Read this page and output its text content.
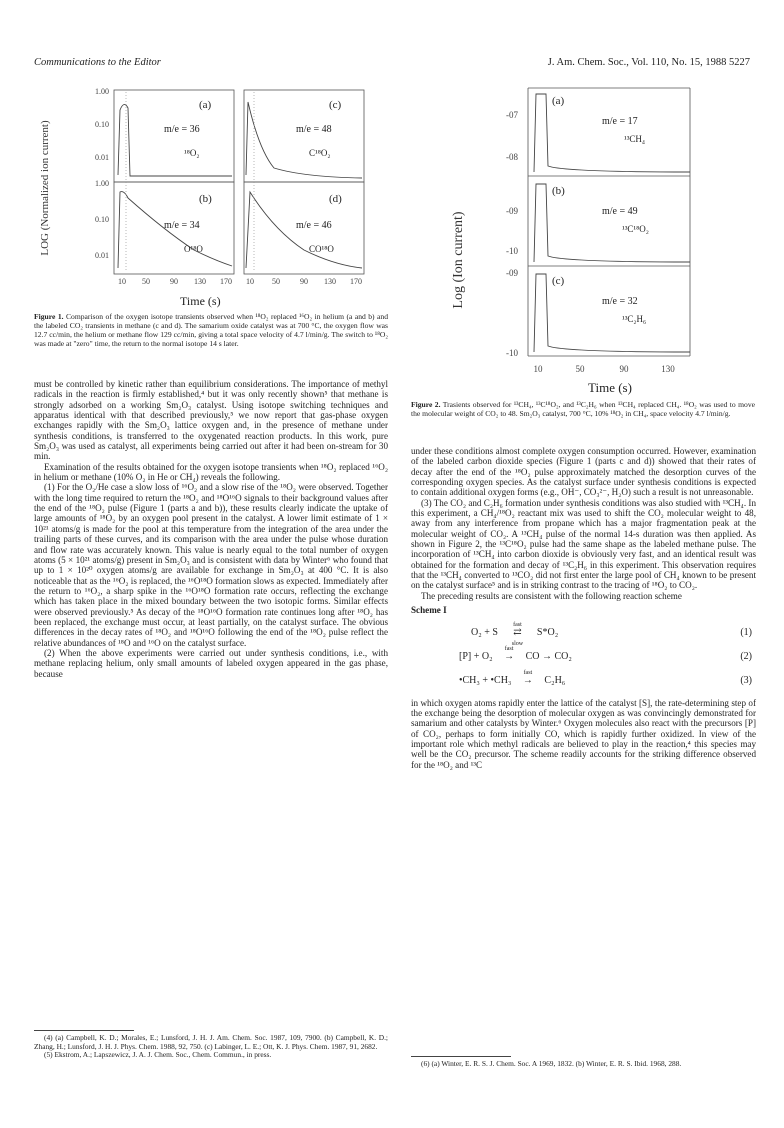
Communications to the Editor	J. Am. Chem. Soc., Vol. 110, No. 15, 1988 5227
LOG (Normalized ion current)
1.00
0.10
0.01
1.00
0.10
0.01
(a)
m/e = 36
¹⁸O₂
(c)
m/e = 48
C¹⁸O₂
(b)
m/e = 34
O¹⁸O
(d)
m/e = 46
CO¹⁸O
10 50	90 130 170 10 50	90 130 170
Time (s)
Figure 1. Comparison of the oxygen isotope transients observed when ¹⁸O₂ replaced ¹⁶O₂ in helium (a and b) and the labeled CO₂ transients in methane (c and d). The samarium oxide catalyst was at 700 °C, the oxygen flow was 12.7 cc/min, the helium or methane flow 129 cc/min, giving a total space velocity of 4.7 l/min/g. The switch to ¹⁸O₂ was made at "zero" time, the return to the normal isotope 14 s later.
Log (Ion current)
-07
-08
-09
-10
-09
-10
(a)
m/e = 17
¹³CH₄
(b)
m/e = 49
¹³C¹⁸O₂
(c)
m/e = 32
¹³C₂H₆
10	50	90	130
Time (s)
Figure 2. Trasients observed for ¹³CH₄, ¹³C¹⁸O₂, and ¹³C₂H₆ when ¹³CH₄ replaced CH₄. ¹⁸O₂ was used to move the molecular weight of CO₂ to 48. Sm₂O₃ catalyst, 700 °C, 10% ¹⁸O₂ in CH₄, space velocity 4.7 l/min/g.

must be controlled by kinetic rather than equilibrium considerations. The importance of methyl radicals in the reaction is firmly established,⁴ but it was only recently shown⁵ that methane is strongly adsorbed on a working Sm₂O₃ catalyst. Using isotope switching techniques and apparatus identical with that described previously,⁵ we now report that gas-phase oxygen exchanges rapidly with the Sm₂O₃ lattice oxygen and, in the presence of methane under synthesis conditions, is transferred to the oxygenated reaction products. In this work, pure Sm₂O₃ was used as catalyst, all experiments being carried out after it had been on-stream for 30 min.

Examination of the results obtained for the oxygen isotope transients when ¹⁸O₂ replaced ¹⁶O₂ in helium or methane (10% O₂ in He or CH₄) reveals the following.

(1) For the O₂/He case a slow loss of ¹⁶O₂ and a slow rise of the ¹⁸O₂ were observed. Together with the long time required to return the ¹⁸O₂ and ¹⁸O¹⁶O signals to their background values after the end of the ¹⁸O₂ pulse (Figure 1 (parts a and b)), these results clearly indicate the uptake of large amounts of ¹⁸O₂ by an oxygen pool present in the catalyst. A lower limit estimate of 1 × 10²¹ atoms/g is made for the pool at this temperature from the integration of the area under the trailing parts of these curves, and its comparison with the area under the pulse whose duration and flow rate was accurately known. This value is nearly equal to the total number of oxygen atoms (5 × 10²¹ atoms/g) present in Sm₂O₃ and is consistent with data by Winter⁶ who found that up to 1 × 10²⁰ oxygen atoms/g are available for exchange in Sm₂O₃ at 400 °C. It is also noticeable that as the ¹⁶O₂ is replaced, the ¹⁶O¹⁸O formation slows as expected. Immediately after the return to ¹⁶O₂, a sharp spike in the ¹⁶O¹⁸O formation rate occurs, reflecting the exchange which has taken place in the mixed boundary between the two isotopic forms. Similar effects were observed previously.⁵ As decay of the ¹⁸O¹⁶O formation rate continues long after ¹⁸O₂ has been replaced, the exchange must occur, at least partially, on the catalyst surface. The obvious differences in the decay rates of ¹⁸O₂ and ¹⁸O¹⁶O following the end of the ¹⁸O₂ pulse reflect the relative abundances of ¹⁸O and ¹⁶O on the catalyst surface.

(2) When the above experiments were carried out under synthesis conditions, i.e., with methane replacing helium, only small amounts of labeled oxygen appeared in the gas phase, because

(4) (a) Campbell, K. D.; Morales, E.; Lunsford, J. H. J. Am. Chem. Soc. 1987, 109, 7900. (b) Campbell, K. D.; Zhang, H.; Lunsford, J. H. J. Phys. Chem. 1988, 92, 750. (c) Labinger, L. E.; Ott, K. J. Phys. Chem. 1987, 91, 2682.
(5) Ekstrom, A.; Lapszewicz, J. A. J. Chem. Soc., Chem. Commun., in press.

under these conditions almost complete oxygen consumption occurred. However, examination of the labeled carbon dioxide species (Figure 1 (parts c and d)) showed that their rates of decay after the end of the ¹⁸O₂ pulse approximately matched the desorption curves of the corresponding oxygen species. As the catalyst surface under synthesis conditions is expected to contain additional oxygen forms (e.g., OH⁻, CO₃²⁻, H₂O) such a result is not unreasonable.

(3) The CO₂ and C₂H₆ formation under synthesis conditions was also studied with ¹³CH₄. In this experiment, a CH₄/¹⁸O₂ reactant mix was used to shift the CO₂ molecular weight to 48, away from any interference from propane which has a major fragmentation peak at the molecular weight of CO₂. A ¹³CH₄ pulse of the normal 14-s duration was then applied. As shown in Figure 2, the ¹³C¹⁸O₂ pulse had the same shape as the labeled methane pulse. The incorporation of ¹³CH₄ into carbon dioxide is obviously very fast, and an identical result was obtained for the formation and decay of ¹³C₂H₆ in this experiment. This observation requires that the ¹³CH₄ converted to ¹³CO₂ did not first enter the large pool of CH₄ known to be present on the catalyst surface⁵ and is in striking contrast to the tracing of ¹⁸O₂ to CO₂.

The preceding results are consistent with the following reaction scheme

Scheme I
O₂ + S
fast
⇄
slow
S*O₂	(1)
[P] + O₂
fast
→ CO → CO₂	(2)
•CH₃ + •CH₃
fast
→ C₂H₆	(3)

in which oxygen atoms rapidly enter the lattice of the catalyst [S], the rate-determining step of the exchange being the desorption of molecular oxygen as was convincingly demonstrated for samarium and other catalysts by Winter.⁶ Oxygen molecules also react with the precursors [P] of CO₂, perhaps to form initially CO, which is rapidly further oxidized. In view of the important role which methyl radicals are believed to play in the reaction,⁴ this species may well be the CO₂ precursor. The scheme readily accounts for the striking difference observed for the ¹⁸O₂ and ¹³C

(6) (a) Winter, E. R. S. J. Chem. Soc. A 1969, 1832. (b) Winter, E. R. S. Ibid. 1968, 288.
